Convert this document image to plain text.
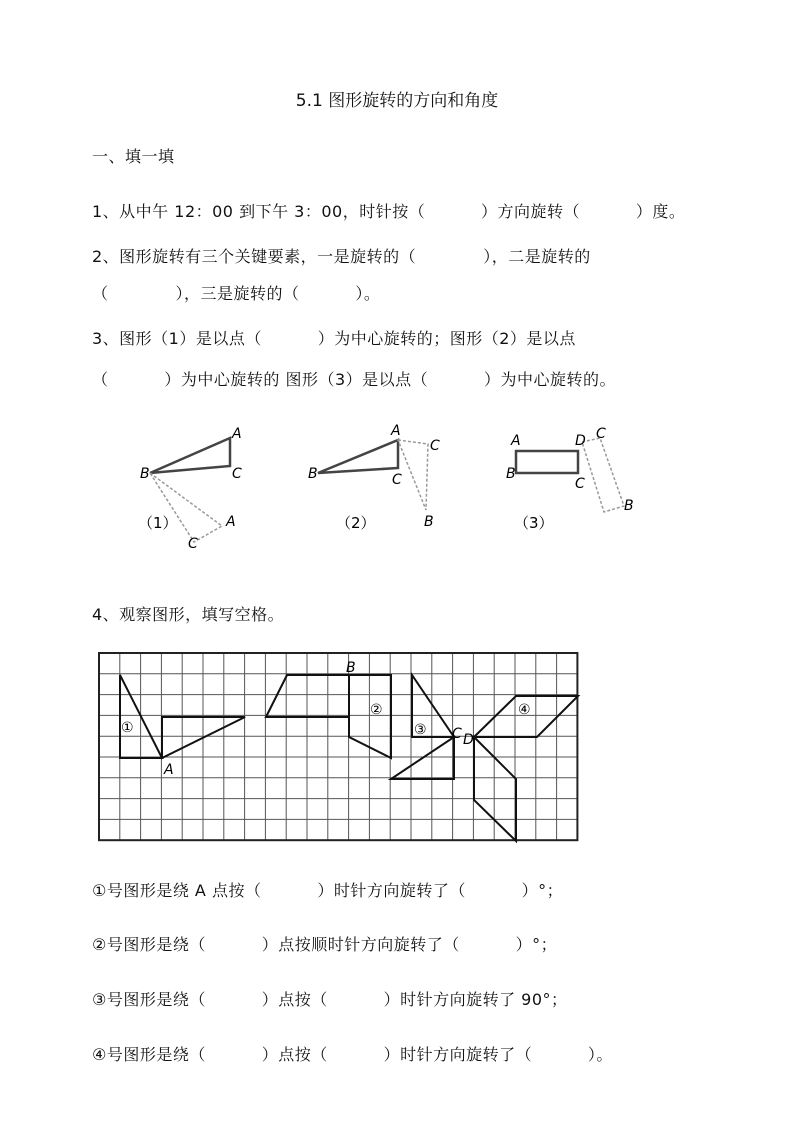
5.1 图形旋转的方向和角度
一、填一填
1、从中午 12：00 到下午 3：00，时针按（          ）方向旋转（          ）度。
2、图形旋转有三个关键要素，一是旋转的（            ），二是旋转的
（            ），三是旋转的（          ）。
3、图形（1）是以点（          ）为中心旋转的；图形（2）是以点
（          ）为中心旋转的 图形（3）是以点（          ）为中心旋转的。
A
B	C
A
C
（1）
A
B	C
C
B
（2）
A	D
B
C
C
B
（3）
4、观察图形，填写空格。
①
A
B
②
③ C
④
D
①号图形是绕 A 点按（          ）时针方向旋转了（          ）°；
②号图形是绕（          ）点按顺时针方向旋转了（          ）°；
③号图形是绕（          ）点按（          ）时针方向旋转了 90°；
④号图形是绕（          ）点按（          ）时针方向旋转了（          ）。
